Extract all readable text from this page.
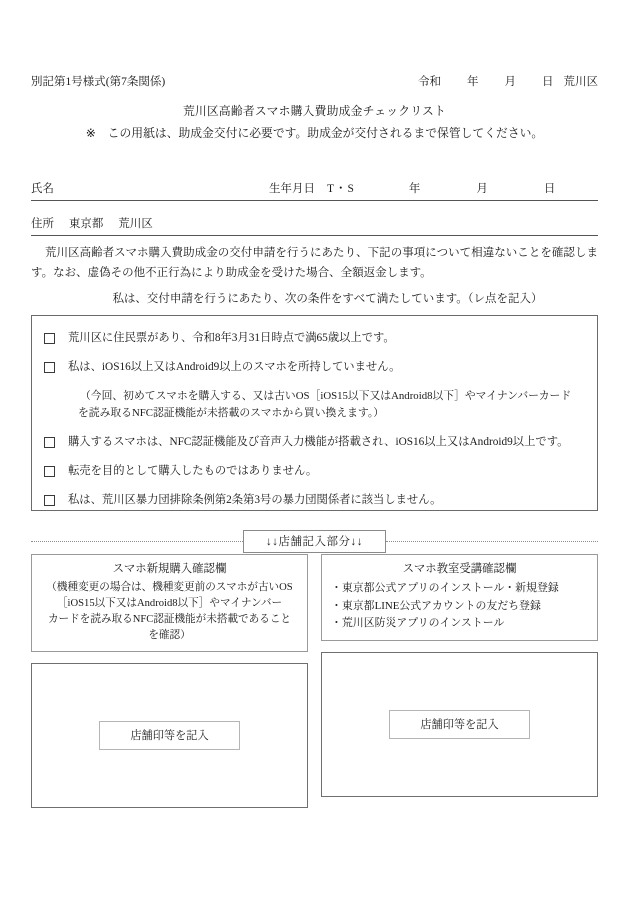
別記第1号様式(第7条関係)	令和 年 月 日 荒川区
荒川区高齢者スマホ購入費助成金チェックリスト
※ この用紙は、助成金交付に必要です。助成金が交付されるまで保管してください。
氏名	生年月日 T・S	年	月	日
住所 東京都 荒川区
荒川区高齢者スマホ購入費助成金の交付申請を行うにあたり、下記の事項について相違ないことを確認します。なお、虚偽その他不正行為により助成金を受けた場合、全額返金します。
私は、交付申請を行うにあたり、次の条件をすべて満たしています。（レ点を記入）
荒川区に住民票があり、令和8年3月31日時点で満65歳以上です。
私は、iOS16以上又はAndroid9以上のスマホを所持していません。
（今回、初めてスマホを購入する、又は古いOS［iOS15以下又はAndroid8以下］やマイナンバーカード
を読み取るNFC認証機能が未搭載のスマホから買い換えます。）
購入するスマホは、NFC認証機能及び音声入力機能が搭載され、iOS16以上又はAndroid9以上です。
転売を目的として購入したものではありません。
私は、荒川区暴力団排除条例第2条第3号の暴力団関係者に該当しません。
↓↓店舗記入部分↓↓
スマホ新規購入確認欄
（機種変更の場合は、機種変更前のスマホが古いOS
［iOS15以下又はAndroid8以下］やマイナンバー
カードを読み取るNFC認証機能が未搭載であること
を確認）
店舗印等を記入
スマホ教室受講確認欄
・東京都公式アプリのインストール・新規登録
・東京都LINE公式アカウントの友だち登録
・荒川区防災アプリのインストール
店舗印等を記入
